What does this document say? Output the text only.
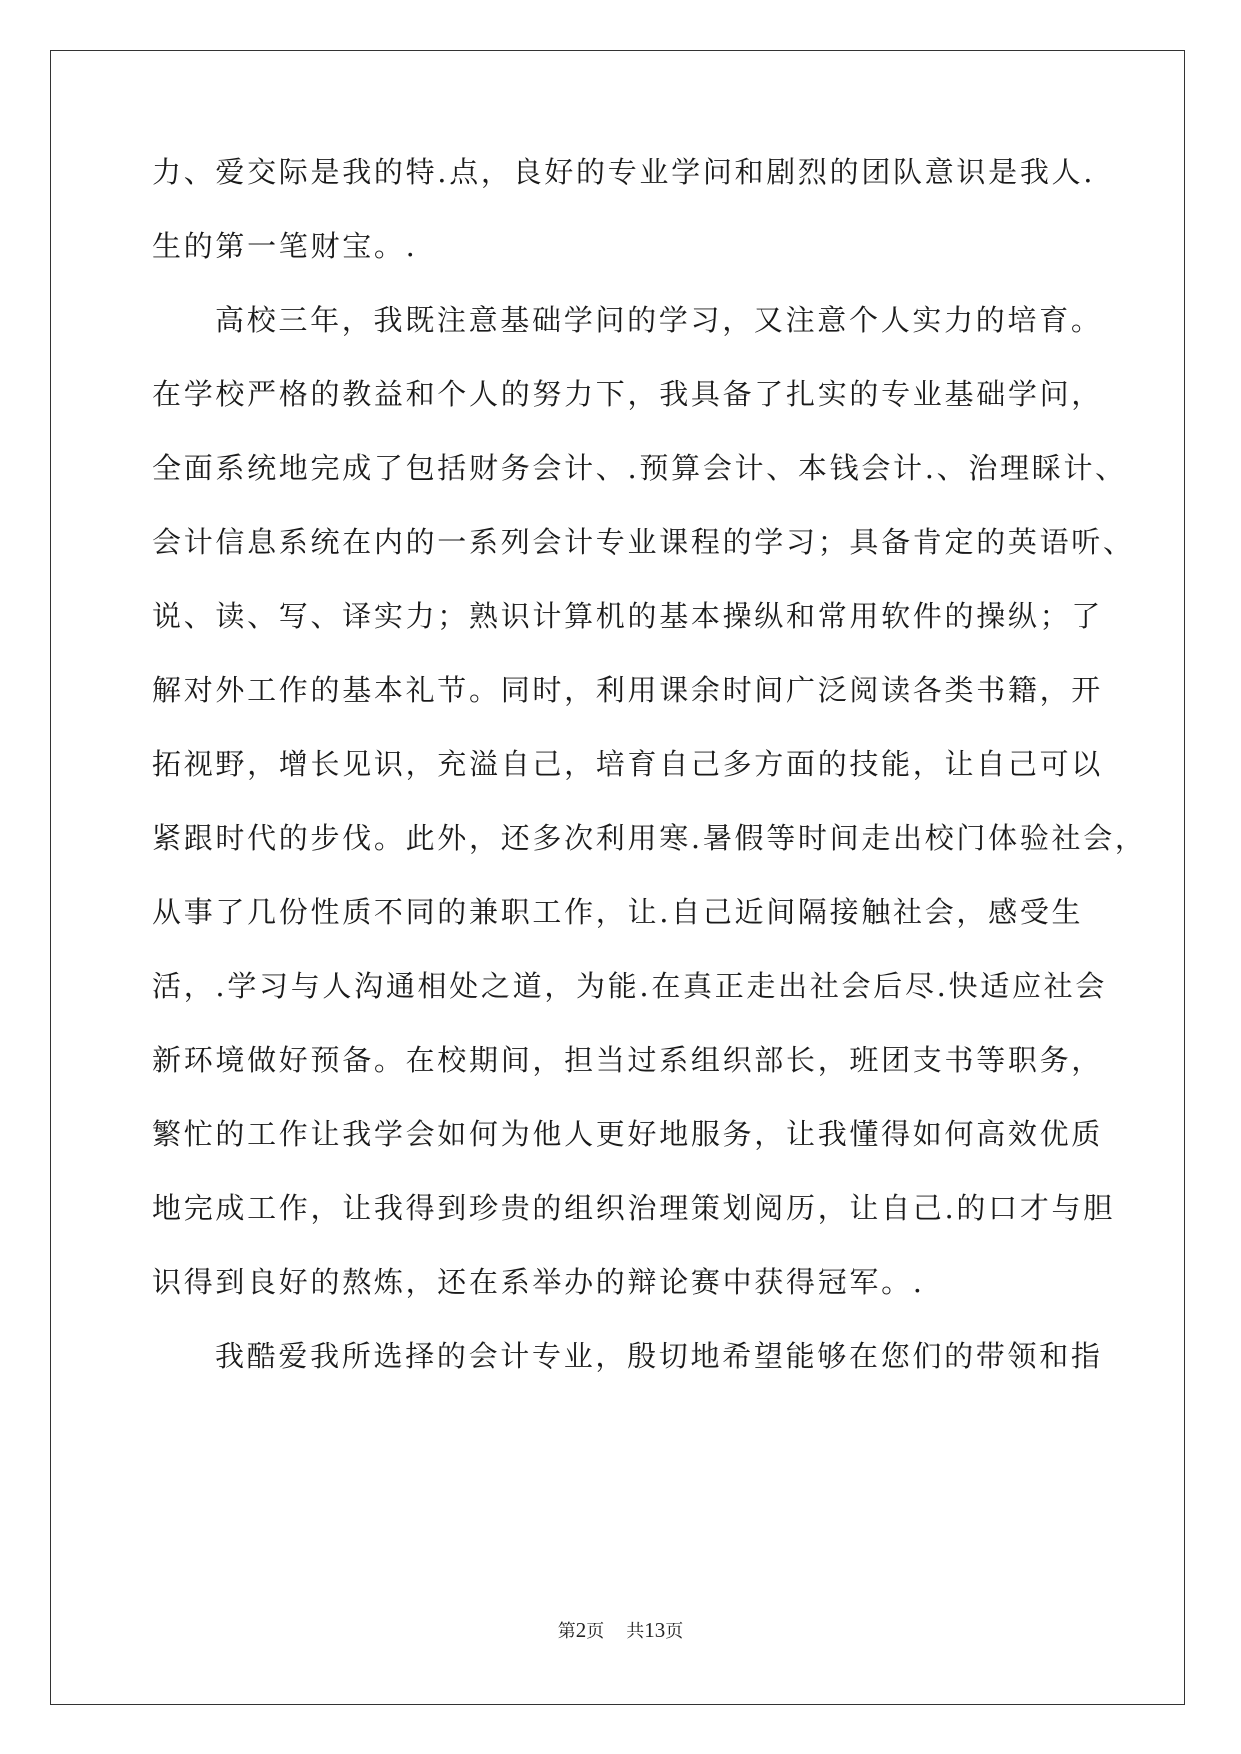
力、爱交际是我的特.点，良好的专业学问和剧烈的团队意识是我人.
生的第一笔财宝。.
高校三年，我既注意基础学问的学习，又注意个人实力的培育。
在学校严格的教益和个人的努力下，我具备了扎实的专业基础学问，
全面系统地完成了包括财务会计、.预算会计、本钱会计.、治理睬计、
会计信息系统在内的一系列会计专业课程的学习；具备肯定的英语听、
说、读、写、译实力；熟识计算机的基本操纵和常用软件的操纵；了
解对外工作的基本礼节。同时，利用课余时间广泛阅读各类书籍，开
拓视野，增长见识，充溢自己，培育自己多方面的技能，让自己可以
紧跟时代的步伐。此外，还多次利用寒.暑假等时间走出校门体验社会，
从事了几份性质不同的兼职工作，让.自己近间隔接触社会，感受生
活，.学习与人沟通相处之道，为能.在真正走出社会后尽.快适应社会
新环境做好预备。在校期间，担当过系组织部长，班团支书等职务，
繁忙的工作让我学会如何为他人更好地服务，让我懂得如何高效优质
地完成工作，让我得到珍贵的组织治理策划阅历，让自己.的口才与胆
识得到良好的熬炼，还在系举办的辩论赛中获得冠军。.
我酷爱我所选择的会计专业，殷切地希望能够在您们的带领和指
第2页 共13页
